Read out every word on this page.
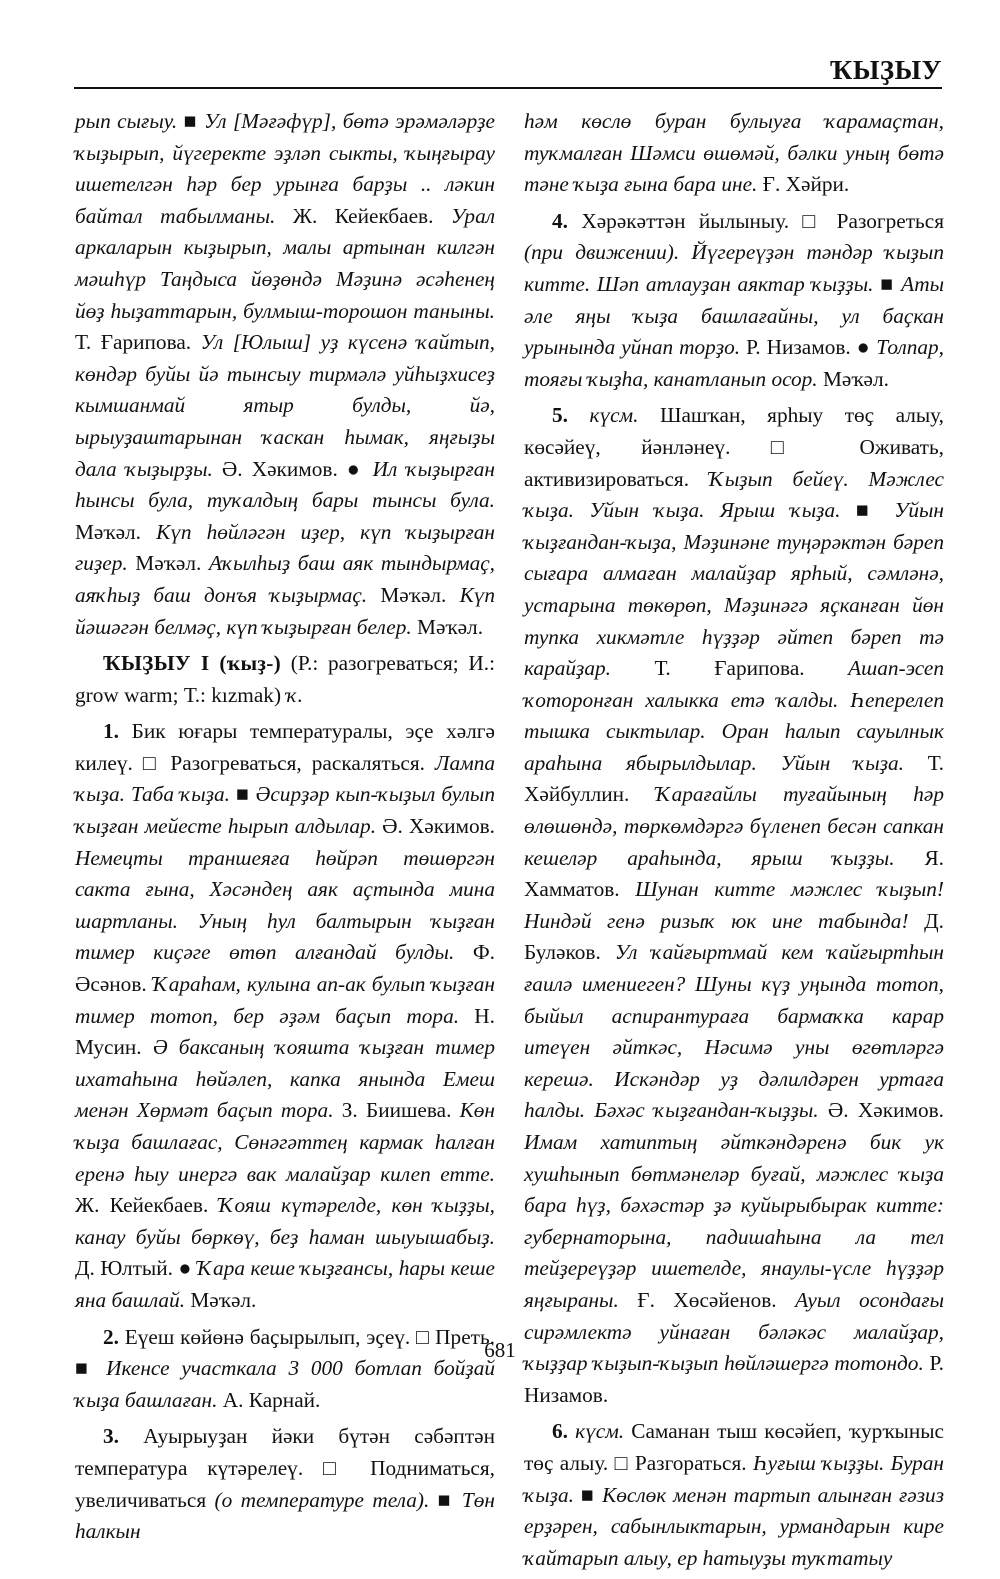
ҠЫҘЫУ

рып сығыу. ■ Ул [Мәғәфүр], бөтә эрәмәләрҙе ҡыҙырып, йүгеректе эҙләп сыкты, ҡыңғырау ишетелгән һәр бер урынға барҙы .. ләкин байтал табылманы. Ж. Кейекбаев. Урал аркаларын кыҙырып, малы артынан килгән мәшһүр Таңдыса йөҙөндә Мәҙинә әсәһенең йөҙ һыҙаттарын, булмыш-торошон таныны. Т. Ғарипова. Ул [Юлыш] уҙ күсенә ҡайтып, көндәр буйы йә тынсыу тирмәлә уйһыҙхисеҙ кымшанмай ятыр булды, йә, ырыуҙаштарынан ҡаскан һымак, яңғыҙы дала ҡыҙырҙы. Ә. Хәкимов. ● Ил ҡыҙырған һынсы була, туҡалдың бары тынсы була. Мәҡәл. Күп һөйләгән иҙер, күп ҡыҙырған гиҙер. Мәҡәл. Аҡылһыҙ баш аяк тындырмаҫ, аяҡһыҙ баш донъя ҡыҙырмаҫ. Мәҡәл. Күп йәшәгән белмәҫ, күп ҡыҙырған белер. Мәҡәл.

ҠЫҘЫУ I (ҡыҙ-) (Р.: разогреваться; И.: grow warm; Т.: kızmak) ҡ.

1. Бик юғары температуралы, эҫе хәлгә килеү. □ Разогреваться, раскаляться. Лампа ҡыҙа. Таба ҡыҙа. ■ Әсирҙәр кып-ҡыҙыл булып ҡыҙған мейесте һырып алдылар. Ә. Хәкимов. Немецты траншеяға һөйрәп төшөргән сакта ғына, Хәсәндең аяк аҫтында мина шартланы. Уның һул балтырын ҡыҙған тимер киҫәге өтөп алғандай булды. Ф. Әсәнов. Ҡараһам, кулына ап-ак булып ҡыҙған тимер тотоп, бер әҙәм баҫып тора. Н. Мусин. Ә баксаның ҡояшта ҡыҙған тимер ихатаһына һөйәлеп, капка янында Емеш менән Хөрмәт баҫып тора. З. Биишева. Көн ҡыҙа башлағас, Сөнәгәттең кармак һалған еренә һыу инергә вак малайҙар килеп етте. Ж. Кейекбаев. Ҡояш күтәрелде, көн ҡыҙҙы, канау буйы бөркөү, беҙ һаман шыуышабыҙ. Д. Юлтый. ● Ҡара кеше ҡыҙғансы, һары кеше яна башлай. Мәҡәл.

2. Еүеш көйөнә баҫырылып, эҫеү. □ Преть. ■ Икенсе участкала 3 000 ботлап бойҙай ҡыҙа башлаған. А. Карнай.

3. Ауырыуҙан йәки бүтән сәбәптән температура күтәрелеү. □ Подниматься, увеличиваться (о температуре тела). ■ Төн һалкын

һәм көслө буран булыуға ҡарамаҫтан, туҡмалған Шәмси өшөмәй, бәлки уның бөтә тәне ҡыҙа ғына бара ине. Ғ. Хәйри.

4. Хәрәкәттән йылыныу. □ Разогреться (при движении). Йүгереүҙән тәндәр ҡыҙып китте. Шәп атлауҙан аяктар ҡыҙҙы. ■ Аты әле яңы ҡыҙа башлағайны, ул баҫкан урынында уйнап торҙо. Р. Низамов. ● Толпар, тояғы ҡыҙһа, канатланып осор. Мәҡәл.

5. күсм. Шашҡан, ярһыу төҫ алыу, көсәйеү, йәнләнеү. □ Оживать, активизироваться. Ҡыҙып бейеү. Мәжлес ҡыҙа. Уйын ҡыҙа. Ярыш ҡыҙа. ■ Уйын ҡыҙғандан-ҡыҙа, Мәҙинәне туңәрәктән бәреп сығара алмаған малайҙар ярһый, сәмләнә, устарына төкөрөп, Мәҙинәгә яҫканған йөн тупка хикмәтле һүҙҙәр әйтеп бәреп тә карайҙар. Т. Ғарипова. Ашап-эсеп ҡоторонған халыкка етә ҡалды. Һеперелеп тышка сыктылар. Оран һалып сауылнык араһына ябырылдылар. Уйын ҡыҙа. Т. Хәйбуллин. Ҡарағайлы туғайының һәр өлөшөндә, төркөмдәргә бүленеп бесән сапкан кешеләр араһында, ярыш ҡыҙҙы. Я. Хамматов. Шунан китте мәжлес ҡыҙып! Ниндәй генә ризыҡ юк ине табында! Д. Буләков. Ул ҡайғыртмай кем ҡайғыртһын ғаилә имениеген? Шуны күҙ уңында тотоп, быйыл аспирантураға бармаҡка карар итеүен әйткәс, Нәсимә уны өгөтләргә керешә. Искәндәр уҙ дәлилдәрен уртаға һалды. Бәхәс ҡыҙғандан-ҡыҙҙы. Ә. Хәкимов. Имам хатиптың әйткәндәренә бик ук хушһынып бөтмәнеләр буғай, мәжлес ҡыҙа бара һүҙ, бәхәстәр ҙә куйырыбырак китте: губернаторына, падишаһына ла тел тейҙереүҙәр ишетелде, янаулы-үсле һүҙҙәр яңғыраны. Ғ. Хөсәйенов. Ауыл осондағы сирәмлектә уйнаған бәләкәс малайҙар, ҡыҙҙар ҡыҙып-ҡыҙып һөйләшергә тотондо. Р. Низамов.

6. күсм. Саманан тыш көсәйеп, ҡурҡыныс төҫ алыу. □ Разгораться. Һуғыш ҡыҙҙы. Буран ҡыҙа. ■ Көслөк менән тартып алынған ғәзиз ерҙәрен, сабынлыктарын, урмандарын кире ҡайтарып алыу, ер һатыуҙы туҡтатыу

681
